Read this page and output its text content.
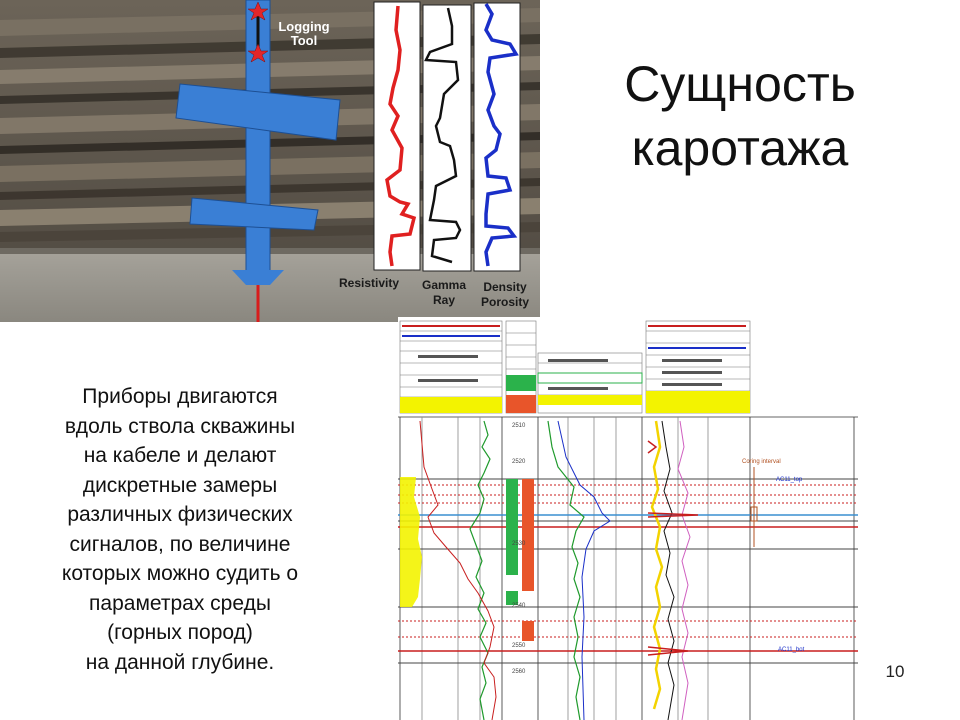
Logging
Tool
Resistivity	Gamma
Ray
Density
Porosity
Сущность
каротажа
Приборы двигаются
вдоль ствола скважины
на кабеле и делают
дискретные замеры
различных физических
сигналов, по величине
которых можно судить о
параметрах среды
(горных пород)
на данной глубине.
2510
2520
2530
2540
2550
2560
Coring interval
AC11_top
AC11_bot
10
